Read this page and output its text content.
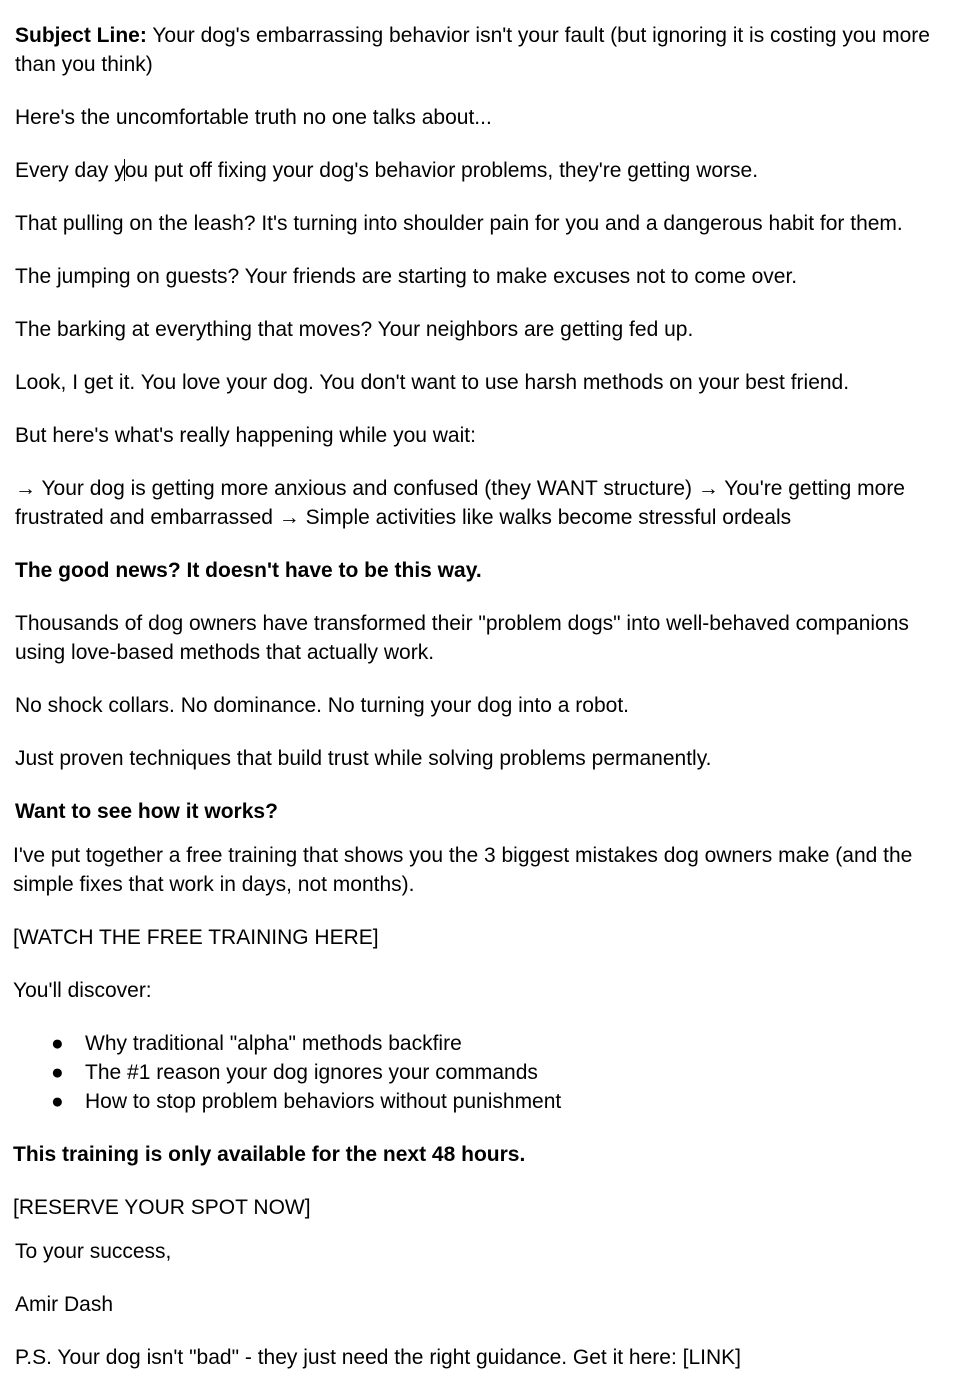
Subject Line: Your dog's embarrassing behavior isn't your fault (but ignoring it is costing you more than you think)

Here's the uncomfortable truth no one talks about...

Every day you put off fixing your dog's behavior problems, they're getting worse.

That pulling on the leash? It's turning into shoulder pain for you and a dangerous habit for them.

The jumping on guests? Your friends are starting to make excuses not to come over.

The barking at everything that moves? Your neighbors are getting fed up.

Look, I get it. You love your dog. You don't want to use harsh methods on your best friend.

But here's what's really happening while you wait:

→ Your dog is getting more anxious and confused (they WANT structure) → You're getting more frustrated and embarrassed → Simple activities like walks become stressful ordeals

The good news? It doesn't have to be this way.

Thousands of dog owners have transformed their "problem dogs" into well-behaved companions using love-based methods that actually work.

No shock collars. No dominance. No turning your dog into a robot.

Just proven techniques that build trust while solving problems permanently.

Want to see how it works?

I've put together a free training that shows you the 3 biggest mistakes dog owners make (and the simple fixes that work in days, not months).

[WATCH THE FREE TRAINING HERE]

You'll discover:

● Why traditional "alpha" methods backfire
● The #1 reason your dog ignores your commands
● How to stop problem behaviors without punishment

This training is only available for the next 48 hours.

[RESERVE YOUR SPOT NOW]

To your success,

Amir Dash

P.S. Your dog isn't "bad" - they just need the right guidance. Get it here: [LINK]
